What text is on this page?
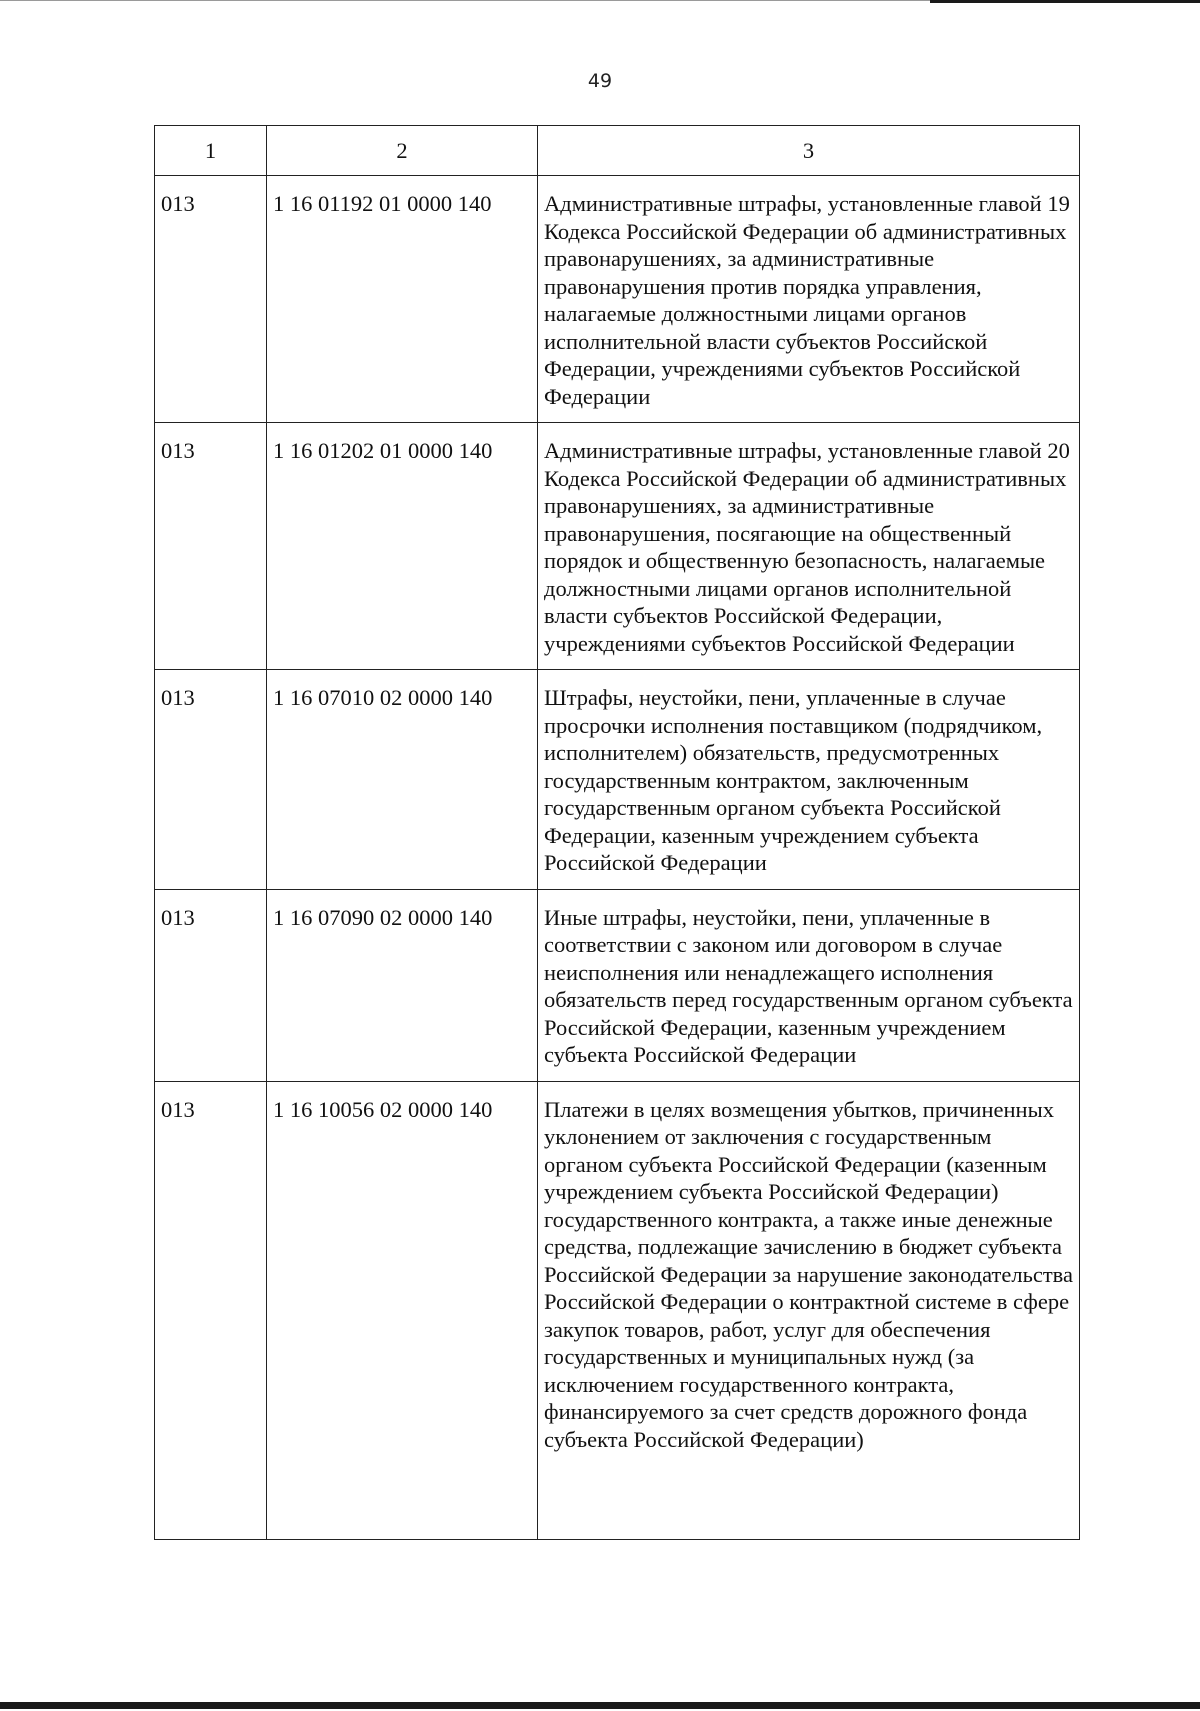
49
1	2	3
013	1 16 01192 01 0000 140	Административные штрафы, установленные главой 19 Кодекса Российской Федерации об административных правонарушениях, за административные правонарушения против порядка управления, налагаемые должностными лицами органов исполнительной власти субъектов Российской Федерации, учреждениями субъектов Российской Федерации
013	1 16 01202 01 0000 140	Административные штрафы, установленные главой 20 Кодекса Российской Федерации об административных правонарушениях, за административные правонарушения, посягающие на общественный порядок и общественную безопасность, налагаемые должностными лицами органов исполнительной власти субъектов Российской Федерации, учреждениями субъектов Российской Федерации
013	1 16 07010 02 0000 140	Штрафы, неустойки, пени, уплаченные в случае просрочки исполнения поставщиком (подрядчиком, исполнителем) обязательств, предусмотренных государственным контрактом, заключенным государственным органом субъекта Российской Федерации, казенным учреждением субъекта Российской Федерации
013	1 16 07090 02 0000 140	Иные штрафы, неустойки, пени, уплаченные в соответствии с законом или договором в случае неисполнения или ненадлежащего исполнения обязательств перед государственным органом субъекта Российской Федерации, казенным учреждением субъекта Российской Федерации
013	1 16 10056 02 0000 140	Платежи в целях возмещения убытков, причиненных уклонением от заключения с государственным органом субъекта Российской Федерации (казенным учреждением субъекта Российской Федерации) государственного контракта, а также иные денежные средства, подлежащие зачислению в бюджет субъекта Российской Федерации за нарушение законодательства Российской Федерации о контрактной системе в сфере закупок товаров, работ, услуг для обеспечения государственных и муниципальных нужд (за исключением государственного контракта, финансируемого за счет средств дорожного фонда субъекта Российской Федерации)
